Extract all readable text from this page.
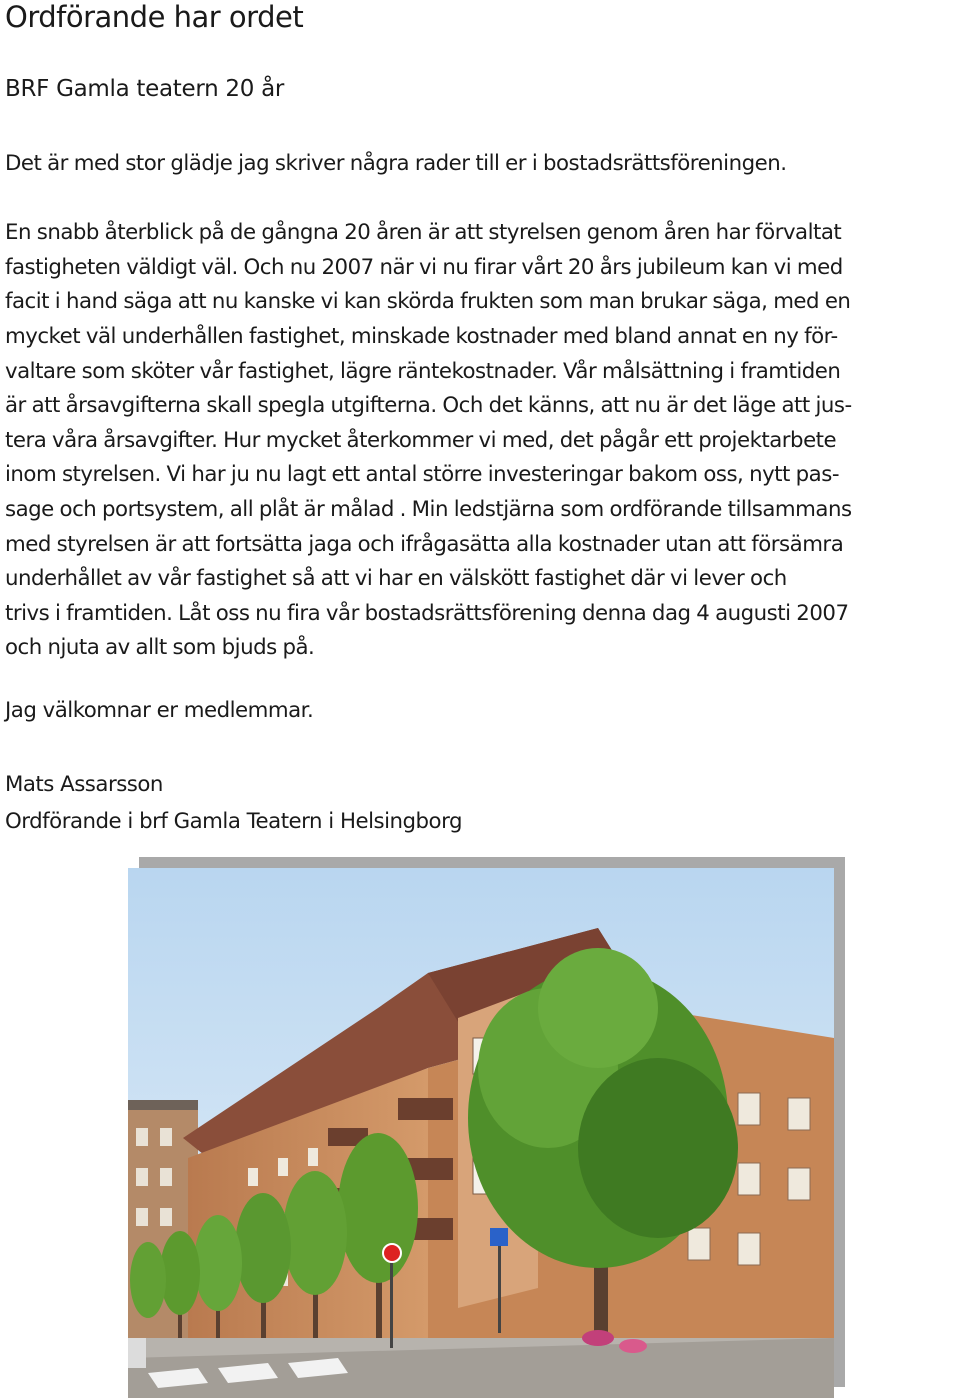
Ordförande har ordet
BRF Gamla teatern 20 år

Det är med stor glädje jag skriver några rader till er i bostadsrättsföreningen.

En snabb återblick på de gångna 20 åren är att styrelsen genom åren har förvaltat
fastigheten väldigt väl. Och nu 2007 när vi nu firar vårt 20 års jubileum kan vi med
facit i hand säga att nu kanske vi kan skörda frukten som man brukar säga, med en
mycket väl underhållen fastighet, minskade kostnader med bland annat en ny för-
valtare som sköter vår fastighet, lägre räntekostnader. Vår målsättning i framtiden
är att årsavgifterna skall spegla utgifterna. Och det känns, att nu är det läge att jus-
tera våra årsavgifter. Hur mycket återkommer vi med, det pågår ett projektarbete
inom styrelsen. Vi har ju nu lagt ett antal större investeringar bakom oss, nytt pas-
sage och portsystem, all plåt är målad . Min ledstjärna som ordförande tillsammans
med styrelsen är att fortsätta jaga och ifrågasätta alla kostnader utan att försämra
underhållet av vår fastighet så att vi har en välskött fastighet där vi lever och
trivs i framtiden. Låt oss nu fira vår bostadsrättsförening denna dag 4 augusti 2007
och njuta av allt som bjuds på.

Jag välkomnar er medlemmar.

Mats Assarsson
Ordförande i brf Gamla Teatern i Helsingborg
